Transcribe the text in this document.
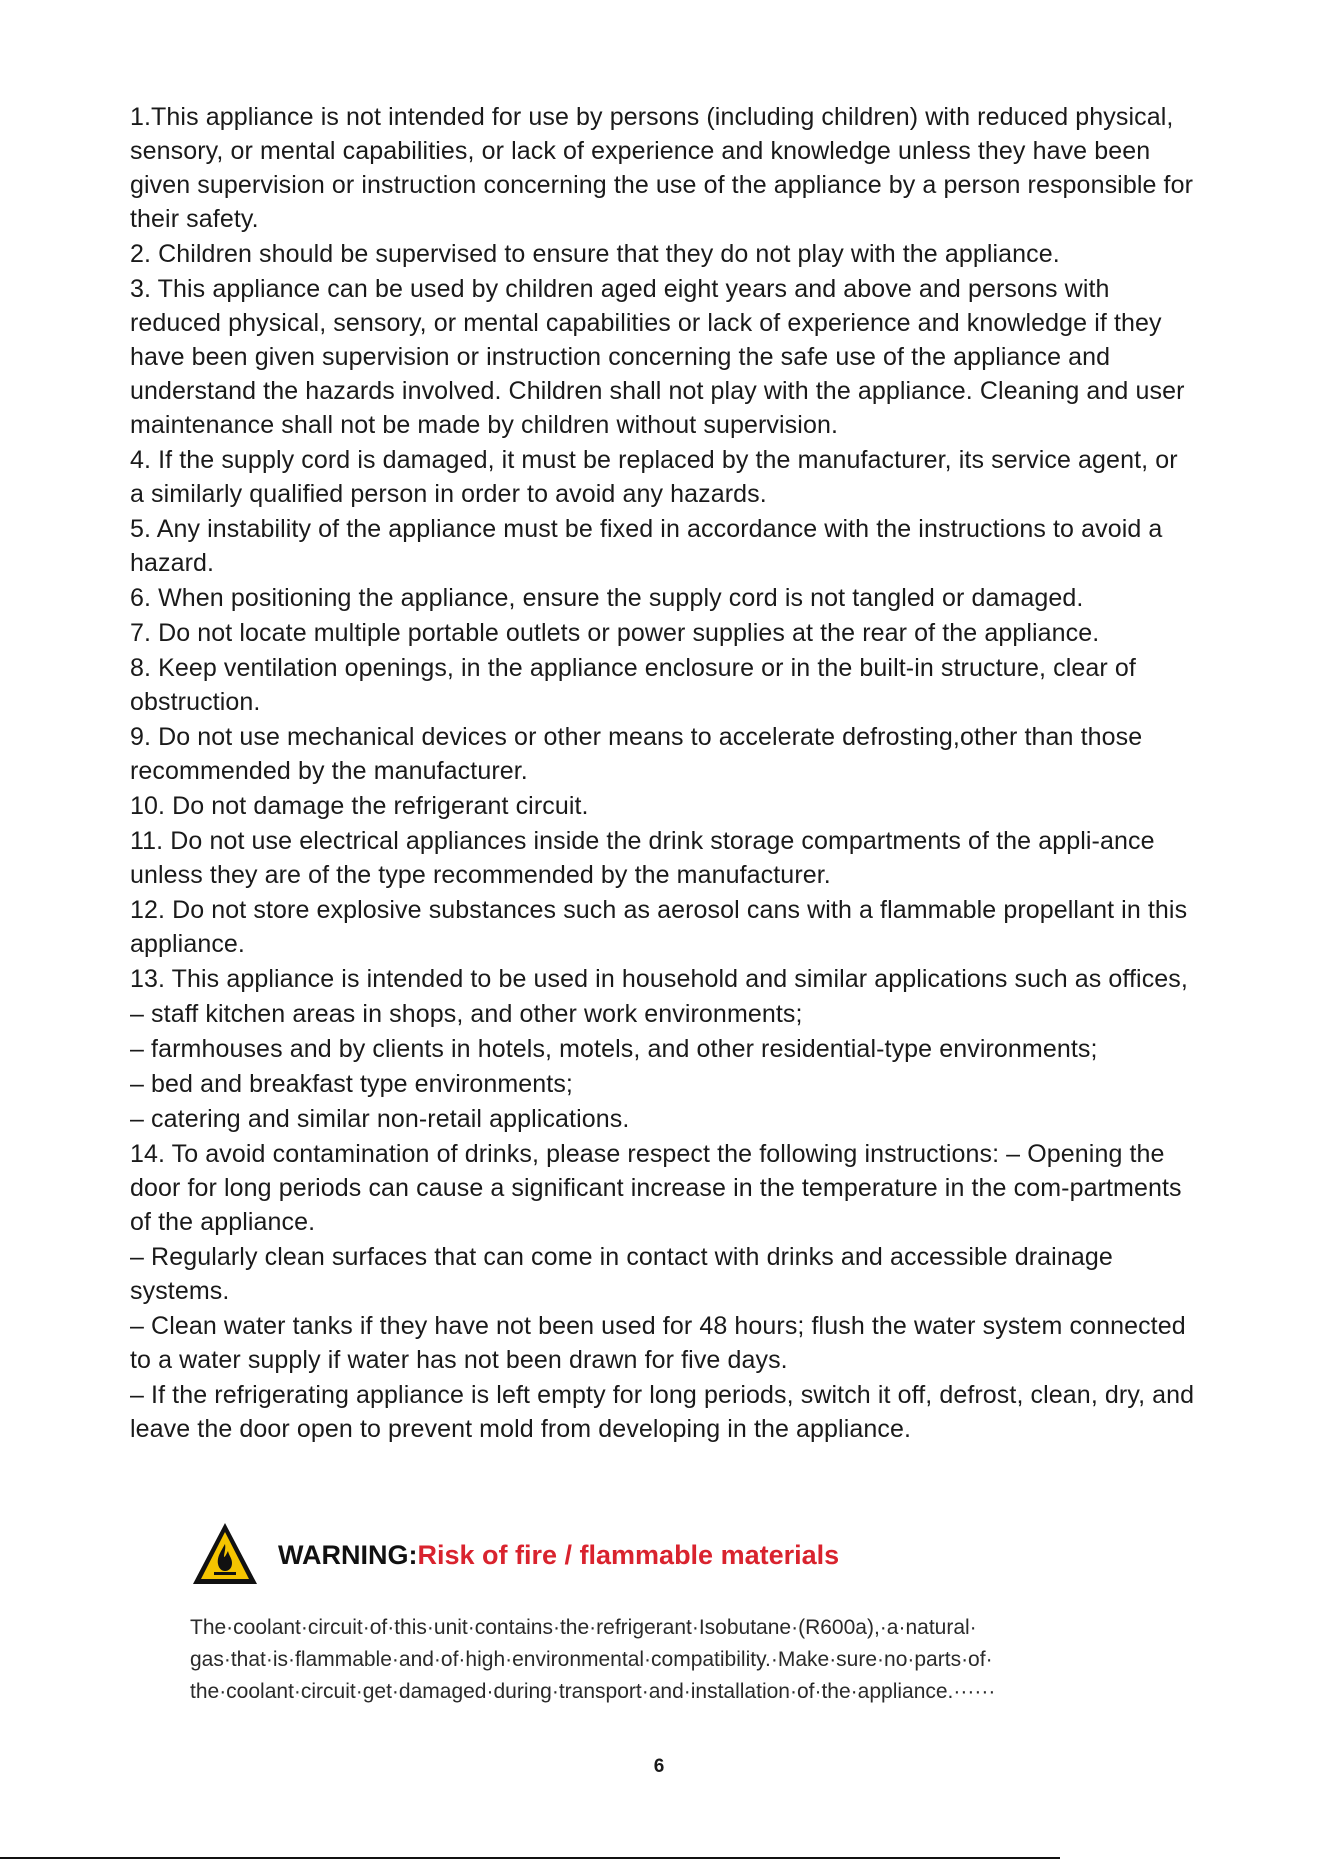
1.This appliance is not intended for use by persons (including children) with reduced physical, sensory, or mental capabilities, or lack of experience and knowledge unless they have been given supervision or instruction concerning the use of the appliance by a person responsible for their safety.

2. Children should be supervised to ensure that they do not play with the appliance.

3. This appliance can be used by children aged eight years and above and persons with reduced physical, sensory, or mental capabilities or lack of experience and knowledge if they have been given supervision or instruction concerning the safe use of the appliance and understand the hazards involved. Children shall not play with the appliance. Cleaning and user maintenance shall not be made by children without supervision.

4. If the supply cord is damaged, it must be replaced by the manufacturer, its service agent, or a similarly qualified person in order to avoid any hazards.

5. Any instability of the appliance must be fixed in accordance with the instructions to avoid a hazard.

6. When positioning the appliance, ensure the supply cord is not tangled or damaged.

7. Do not locate multiple portable outlets or power supplies at the rear of the appliance.

8. Keep ventilation openings, in the appliance enclosure or in the built-in structure, clear of obstruction.

9. Do not use mechanical devices or other means to accelerate defrosting,other than those recommended by the manufacturer.

10. Do not damage the refrigerant circuit.

11. Do not use electrical appliances inside the drink storage compartments of the appli-ance unless they are of the type recommended by the manufacturer.

12. Do not store explosive substances such as aerosol cans with a flammable propellant in this appliance.

13. This appliance is intended to be used in household and similar applications such as offices,

– staff kitchen areas in shops, and other work environments;

– farmhouses and by clients in hotels, motels, and other residential-type environments;

– bed and breakfast type environments;

– catering and similar non-retail applications.

14. To avoid contamination of drinks, please respect the following instructions: – Opening the door for long periods can cause a significant increase in the temperature in the com-partments of the appliance.

– Regularly clean surfaces that can come in contact with drinks and accessible drainage systems.

– Clean water tanks if they have not been used for 48 hours; flush the water system connected to a water supply if water has not been drawn for five days.

– If the refrigerating appliance is left empty for long periods, switch it off, defrost, clean, dry, and leave the door open to prevent mold from developing in the appliance.

WARNING: Risk of fire / flammable materials
The·coolant·circuit·of·this·unit·contains·the·refrigerant·Isobutane·(R600a),·a·natural· gas·that·is·flammable·and·of·high·environmental·compatibility.·Make·sure·no·parts·of· the·coolant·circuit·get·damaged·during·transport·and·installation·of·the·appliance.······
6
